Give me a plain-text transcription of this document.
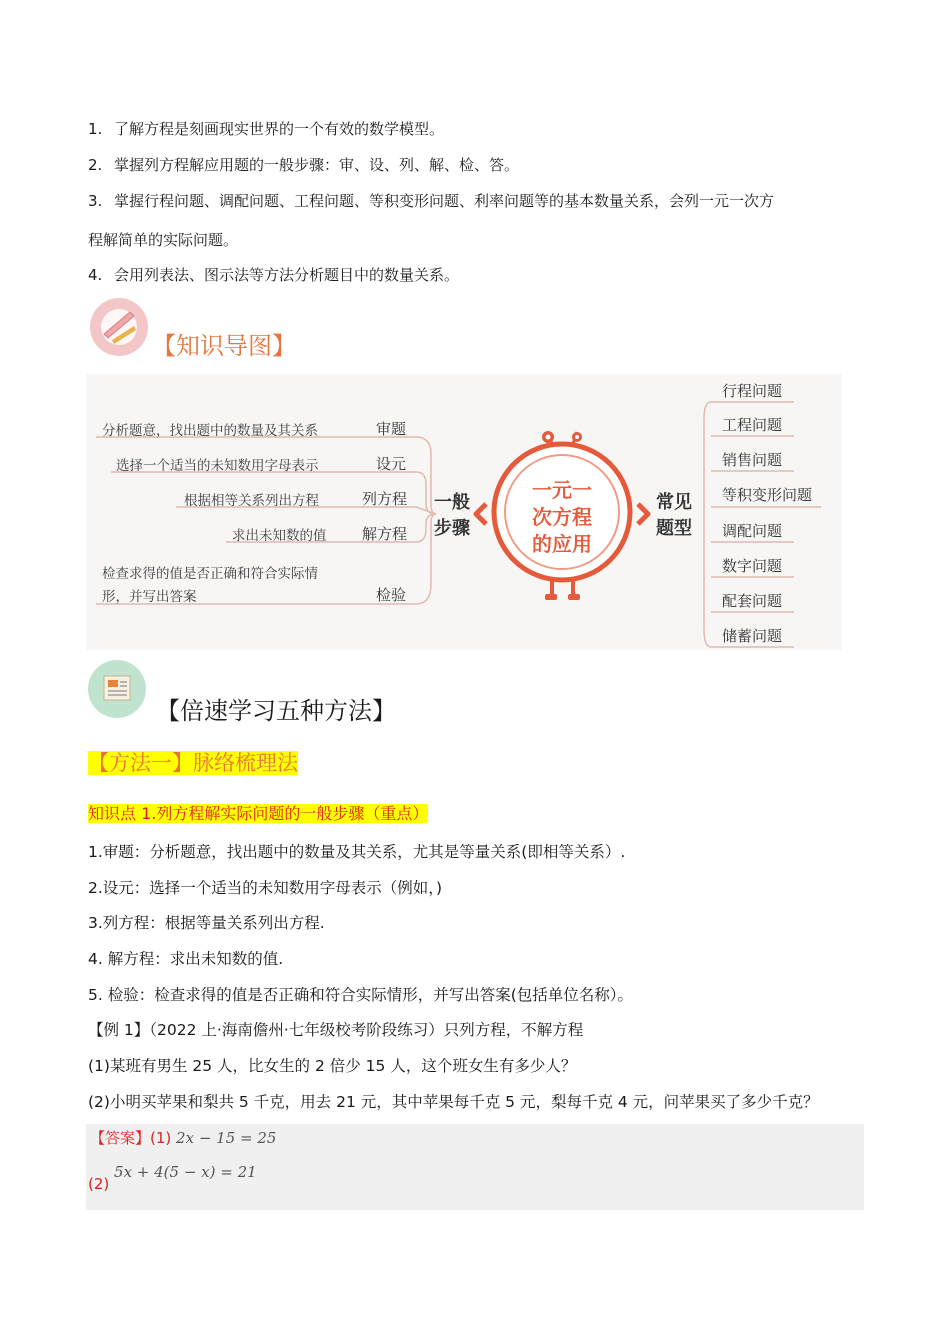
1. 了解方程是刻画现实世界的一个有效的数学模型。
2. 掌握列方程解应用题的一般步骤：审、设、列、解、检、答。
3. 掌握行程问题、调配问题、工程问题、等积变形问题、利率问题等的基本数量关系，会列一元一次方
程解简单的实际问题。
4. 会用列表法、图示法等方法分析题目中的数量关系。
【知识导图】
分析题意，找出题中的数量及其关系
选择一个适当的未知数用字母表示
根据相等关系列出方程
求出未知数的值
检查求得的值是否正确和符合实际情
形，并写出答案
审题
设元
列方程
解方程
检验
一般
步骤
一元一
次方程
的应用
常见
题型
行程问题
工程问题
销售问题
等积变形问题
调配问题
数字问题
配套问题
储蓄问题
【倍速学习五种方法】
【方法一】脉络梳理法
知识点 1.列方程解实际问题的一般步骤（重点）
1.审题：分析题意，找出题中的数量及其关系，尤其是等量关系(即相等关系）.
2.设元：选择一个适当的未知数用字母表示（例如，)
3.列方程：根据等量关系列出方程.
4. 解方程：求出未知数的值.
5. 检验：检查求得的值是否正确和符合实际情形，并写出答案(包括单位名称）。
【例 1】（2022 上·海南儋州·七年级校考阶段练习）只列方程，不解方程
(1)某班有男生 25 人，比女生的 2 倍少 15 人，这个班女生有多少人？
(2)小明买苹果和梨共 5 千克，用去 21 元，其中苹果每千克 5 元，梨每千克 4 元，问苹果买了多少千克？
【答案】(1) 2x − 15 = 25
(2) 5x + 4(5 − x) = 21
